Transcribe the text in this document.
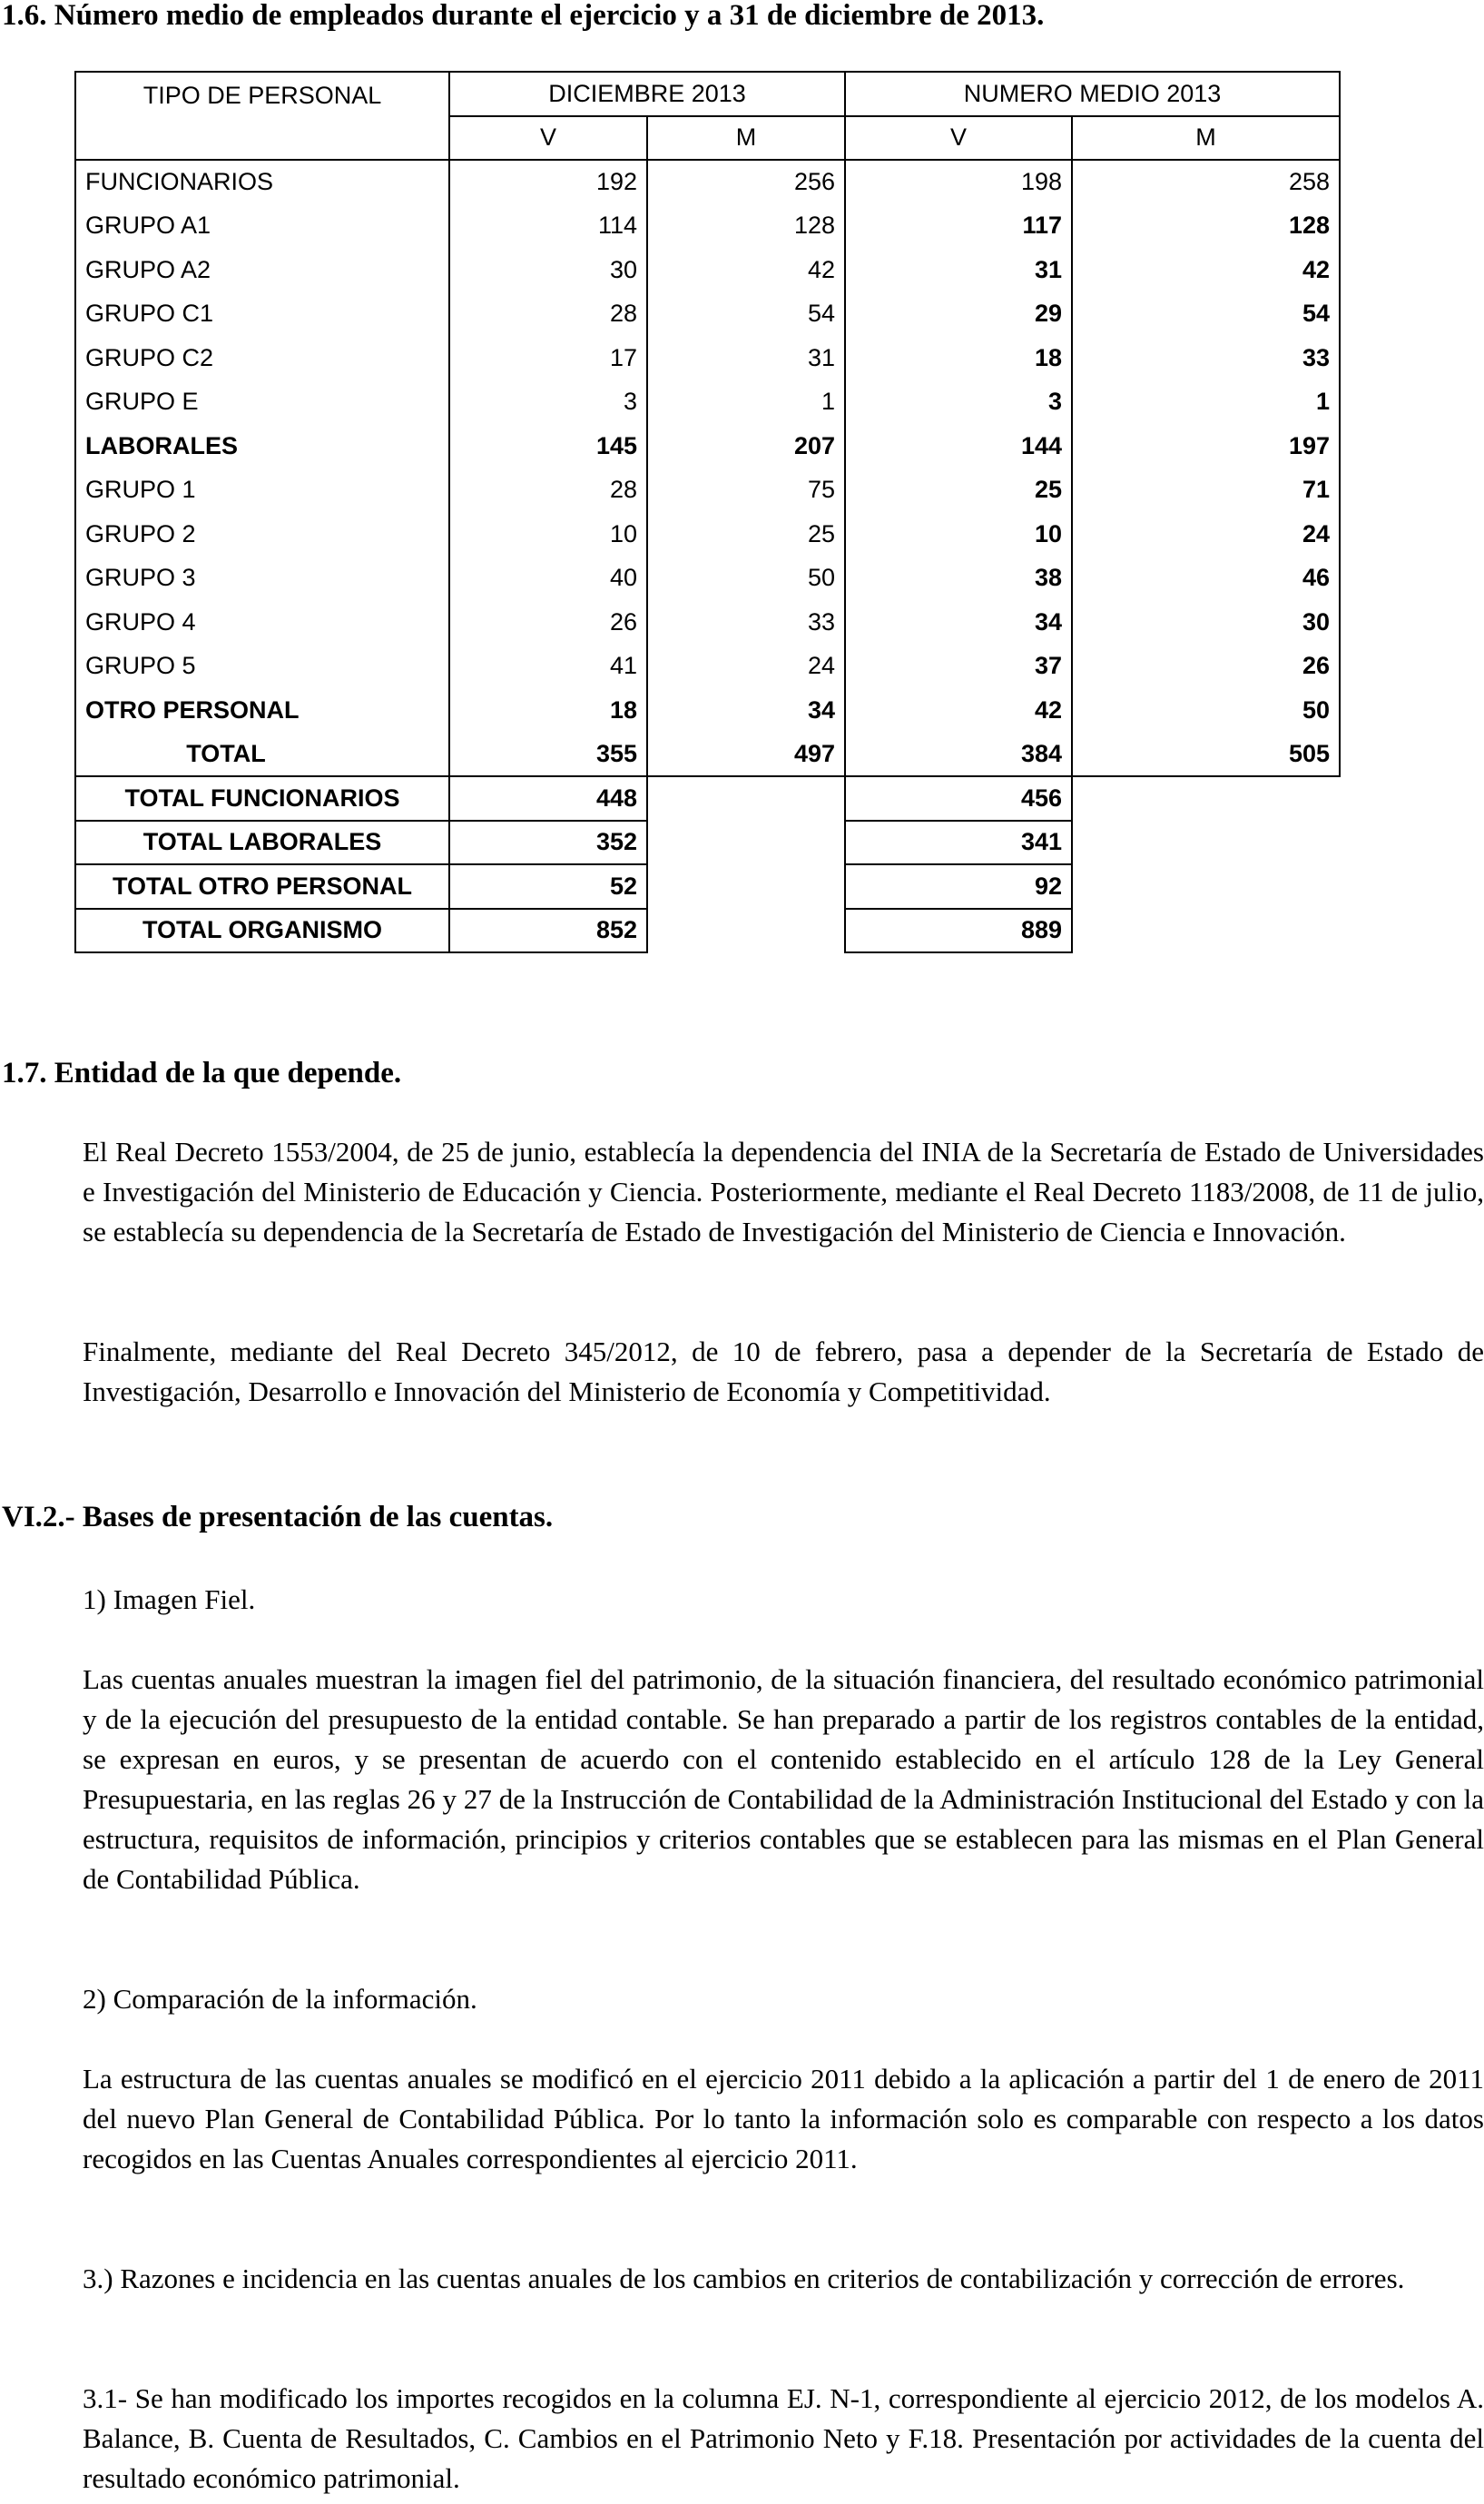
1.6. Número medio de empleados durante el ejercicio y a 31 de diciembre de 2013.
TIPO DE PERSONAL	DICIEMBRE 2013		NUMERO MEDIO 2013	
	V	M	V	M
FUNCIONARIOS	192	256	198	258
GRUPO A1	114	128	117	128
GRUPO A2	30	42	31	42
GRUPO C1	28	54	29	54
GRUPO C2	17	31	18	33
GRUPO E	3	1	3	1
LABORALES	145	207	144	197
GRUPO 1	28	75	25	71
GRUPO 2	10	25	10	24
GRUPO 3	40	50	38	46
GRUPO 4	26	33	34	30
GRUPO 5	41	24	37	26
OTRO PERSONAL	18	34	42	50
TOTAL	355	497	384	505
TOTAL FUNCIONARIOS	448		456	
TOTAL LABORALES	352		341	
TOTAL OTRO PERSONAL	52		92	
TOTAL ORGANISMO	852		889	
1.7. Entidad de la que depende.

El Real Decreto 1553/2004, de 25 de junio, establecía la dependencia del INIA de la Secretaría de Estado de Universidades e Investigación del Ministerio de Educación y Ciencia. Posteriormente, mediante el Real Decreto 1183/2008, de 11 de julio, se establecía su dependencia de la Secretaría de Estado de Investigación del Ministerio de Ciencia e Innovación.

Finalmente, mediante del Real Decreto 345/2012, de 10 de febrero, pasa a depender de la Secretaría de Estado de Investigación, Desarrollo e Innovación del Ministerio de Economía y Competitividad.

VI.2.- Bases de presentación de las cuentas.

1) Imagen Fiel.

Las cuentas anuales muestran la imagen fiel del patrimonio, de la situación financiera, del resultado económico patrimonial y de la ejecución del presupuesto de la entidad contable. Se han preparado a partir de los registros contables de la entidad, se expresan en euros, y se presentan de acuerdo con el contenido establecido en el artículo 128 de la Ley General Presupuestaria, en las reglas 26 y 27 de la Instrucción de Contabilidad de la Administración Institucional del Estado y con la estructura, requisitos de información, principios y criterios contables que se establecen para las mismas en el Plan General de Contabilidad Pública.

2) Comparación de la información.

La estructura de las cuentas anuales se modificó en el ejercicio 2011 debido a la aplicación a partir del 1 de enero de 2011 del nuevo Plan General de Contabilidad Pública. Por lo tanto la información solo es comparable con respecto a los datos recogidos en las Cuentas Anuales correspondientes al ejercicio 2011.

3.) Razones e incidencia en las cuentas anuales de los cambios en criterios de contabilización y corrección de errores.

3.1- Se han modificado los importes recogidos en la columna EJ. N-1, correspondiente al ejercicio 2012, de los modelos A. Balance, B. Cuenta de Resultados, C. Cambios en el Patrimonio Neto y F.18. Presentación por actividades de la cuenta del resultado económico patrimonial.
